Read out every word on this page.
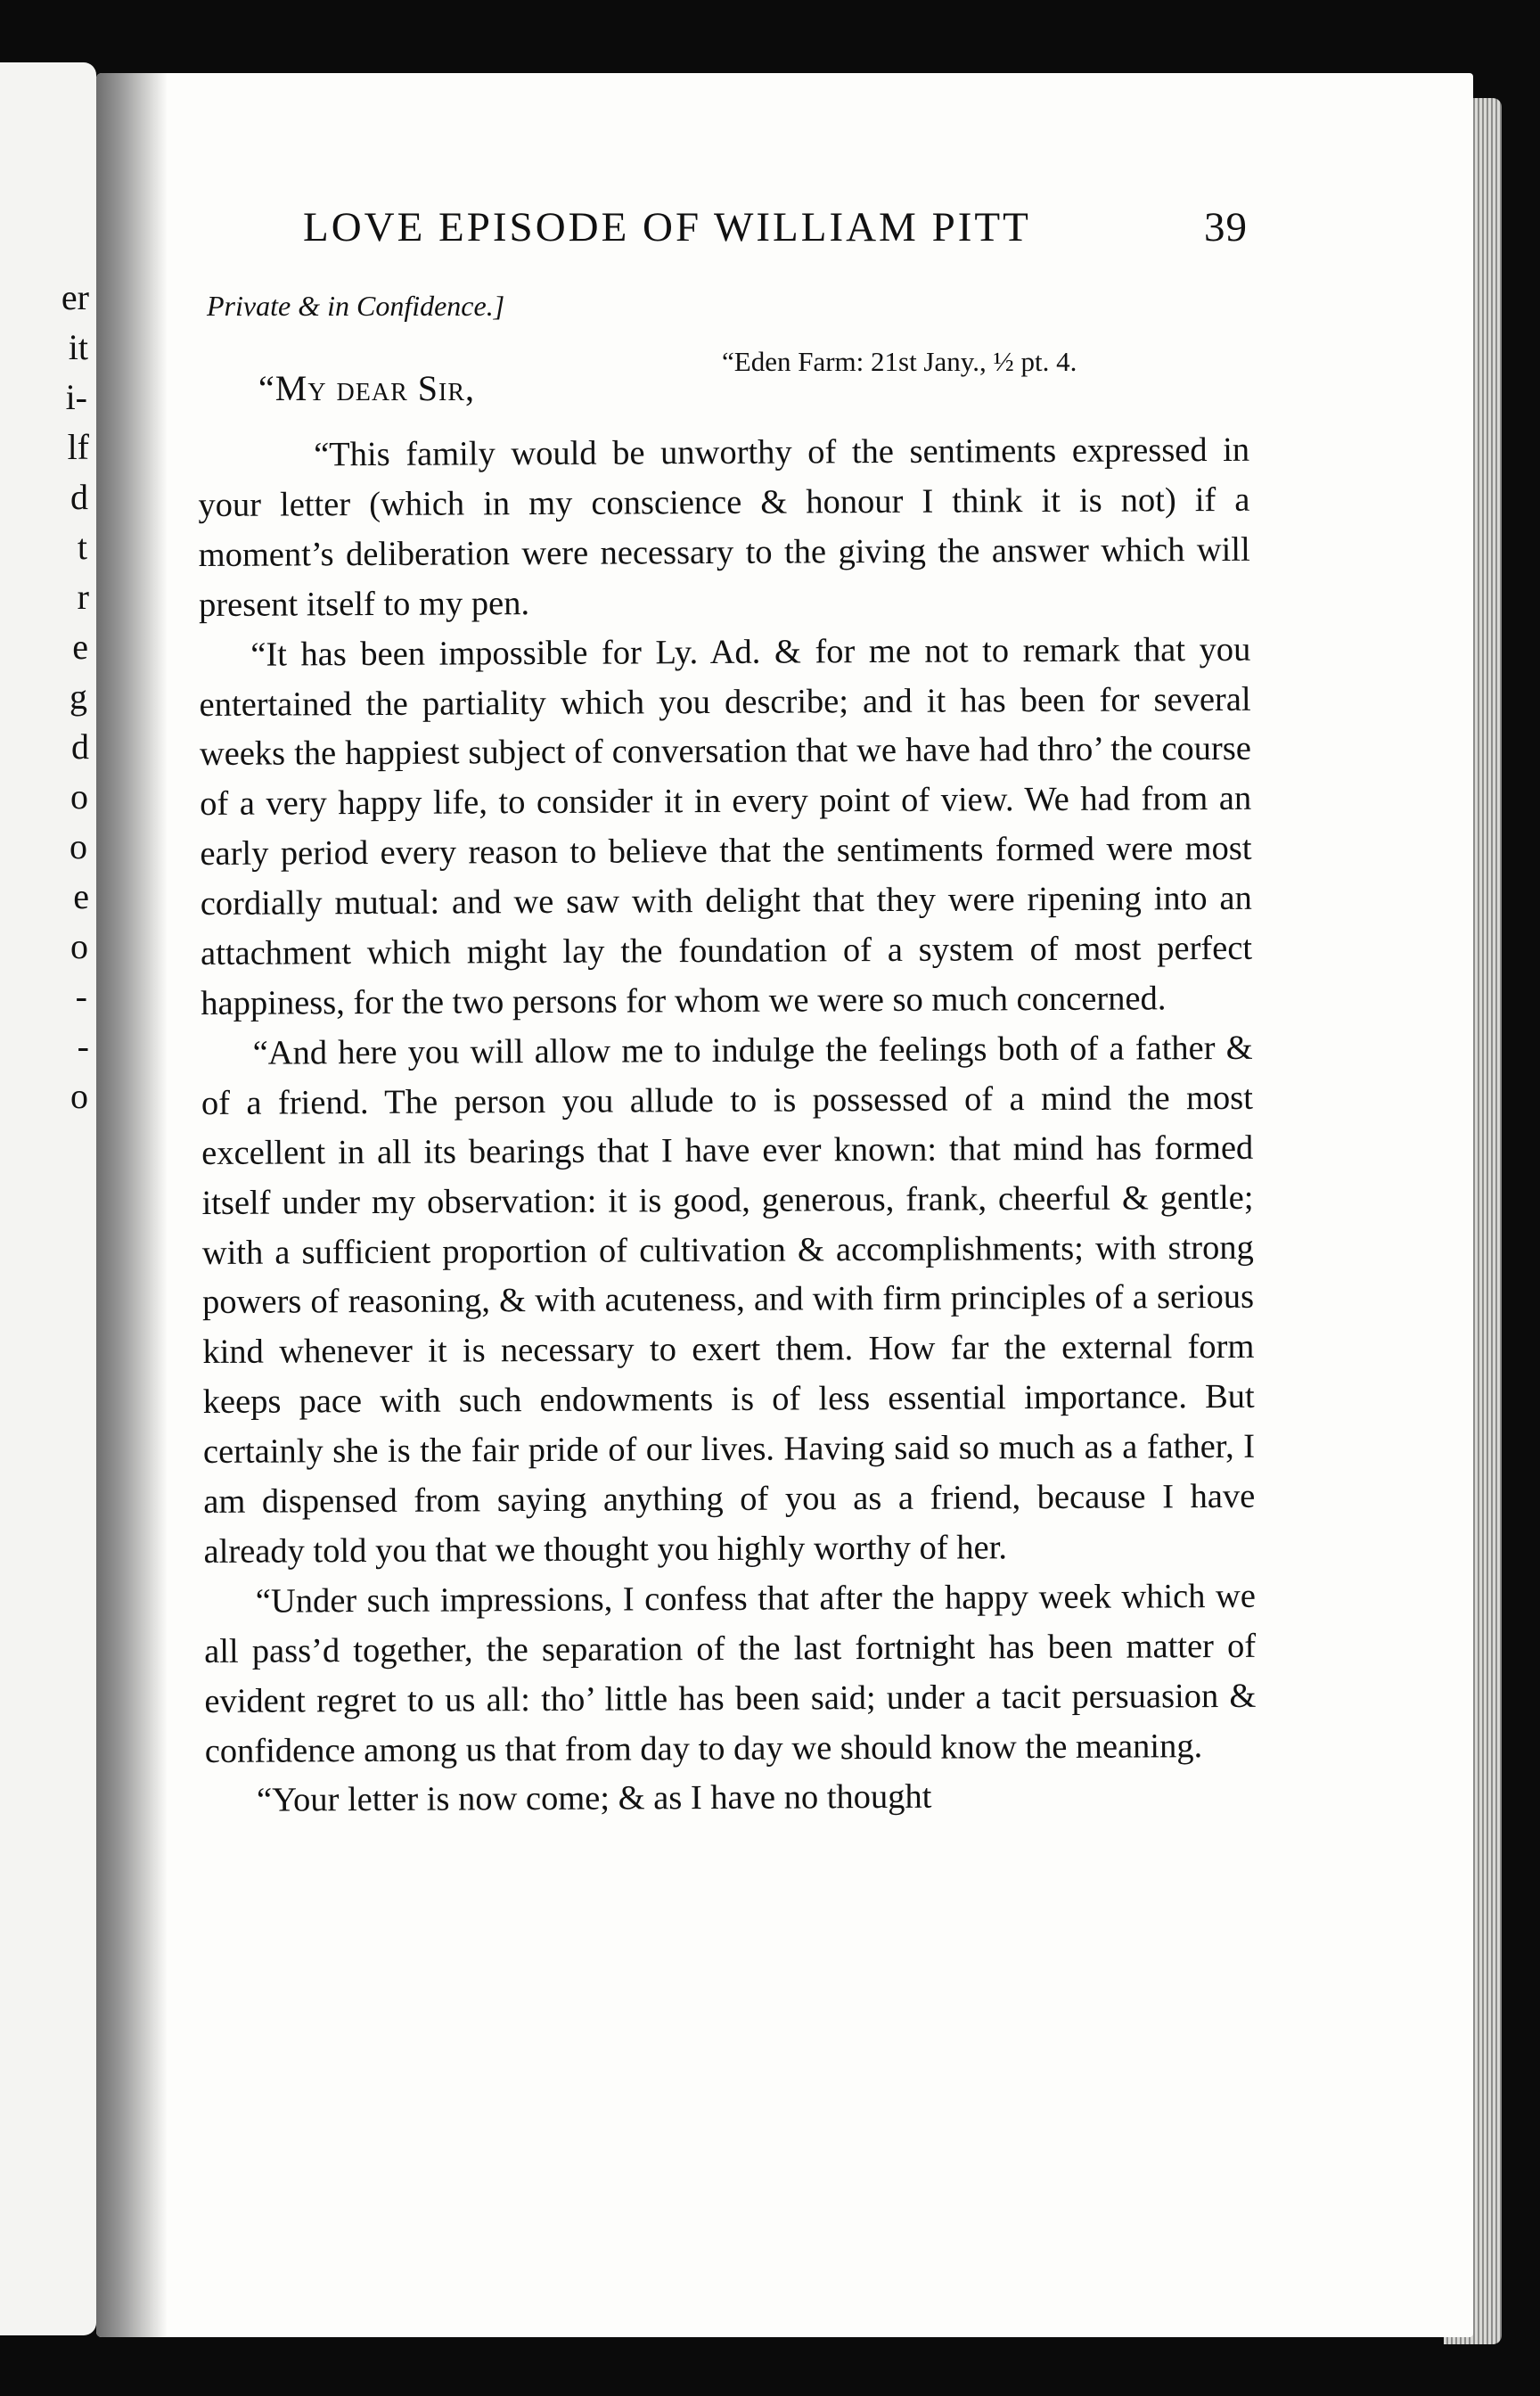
er
it
i-
lf
d
t
r
e
g
d
o
o
e
o
-
-
o
LOVE EPISODE OF WILLIAM PITT	39
Private & in Confidence.]
“Eden Farm: 21st Jany., ½ pt. 4.
“My dear Sir,

“This family would be unworthy of the sentiments expressed in your letter (which in my conscience & honour I think it is not) if a moment’s deliberation were necessary to the giving the answer which will present itself to my pen.

“It has been impossible for Ly. Ad. & for me not to remark that you entertained the partiality which you describe; and it has been for several weeks the happiest subject of conversation that we have had thro’ the course of a very happy life, to consider it in every point of view. We had from an early period every reason to believe that the sentiments formed were most cordially mutual: and we saw with delight that they were ripening into an attachment which might lay the foundation of a system of most perfect happiness, for the two persons for whom we were so much concerned.

“And here you will allow me to indulge the feelings both of a father & of a friend. The person you allude to is possessed of a mind the most excellent in all its bearings that I have ever known: that mind has formed itself under my observation: it is good, generous, frank, cheerful & gentle; with a sufficient proportion of cultivation & accomplishments; with strong powers of reasoning, & with acuteness, and with firm principles of a serious kind whenever it is necessary to exert them. How far the external form keeps pace with such endowments is of less essential importance. But certainly she is the fair pride of our lives. Having said so much as a father, I am dispensed from saying anything of you as a friend, because I have already told you that we thought you highly worthy of her.

“Under such impressions, I confess that after the happy week which we all pass’d together, the separation of the last fortnight has been matter of evident regret to us all: tho’ little has been said; under a tacit persuasion & confidence among us that from day to day we should know the meaning.

“Your letter is now come; & as I have no thought
